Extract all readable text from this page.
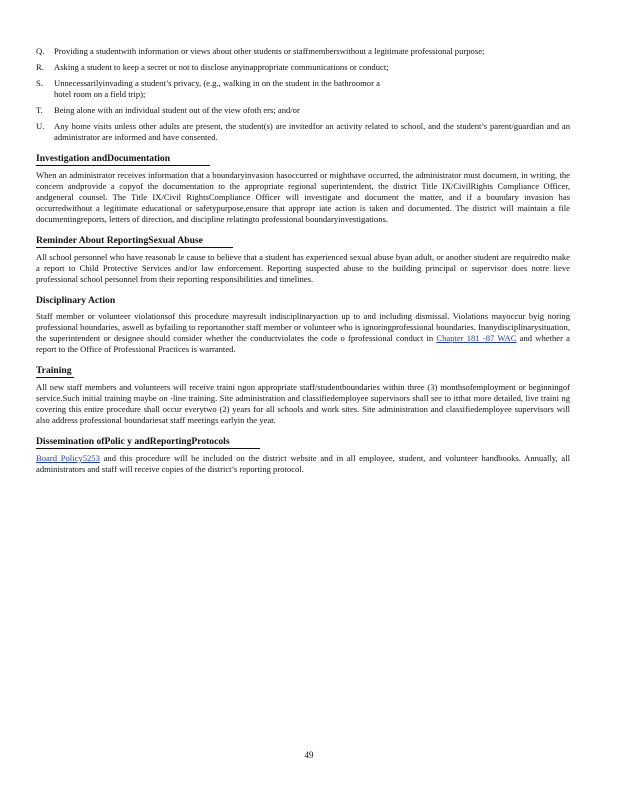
Q.	Providing a studentwith information or views about other students or staffmemberswithout a legitimate professional purpose;
R.	Asking a student to keep a secret or not to disclose anyinappropriate communications or conduct;
S.	Unnecessarilyinvading a student’s privacy, (e.g., walking in on the student in the bathroomor a hotel room on a field trip);
T.	Being alone with an individual student out of the view ofoth ers; and/or
U.	Any home visits unless other adults are present, the student(s) are invitedfor an activity related to school, and the student’s parent/guardian and an administrator are informed and have consented.
Investigation andDocumentation
When an administrator receives information that a boundaryinvasion hasoccurred or mighthave occurred, the administrator must document, in writing, the concern andprovide a copyof the documentation to the appropriate regional superintendent, the district Title IX/CivilRights Compliance Officer, andgeneral counsel. The Title IX/Civil RightsCompliance Officer will investigate and document the matter, and if a boundary invasion has occurredwithout a legitimate educational or safetypurpose,ensure that appropr iate action is taken and documented. The district will maintain a file documentingreports, letters of direction, and discipline relatingto professional boundaryinvestigations.
Reminder About ReportingSexual Abuse
All school personnel who have reasonab le cause to believe that a student has experienced sexual abuse byan adult, or another student are requiredto make a report to Child Protective Services and/or law enforcement. Reporting suspected abuse to the building principal or supervisor does notre lieve professional school personnel from their reporting responsibilities and timelines.
Disciplinary Action
Staff member or volunteer violationsof this procedure mayresult indisciplinaryaction up to and including dismissal. Violations mayoccur byig noring professional boundaries, aswell as byfailing to reportanother staff member or volunteer who is ignoringprofessional boundaries. Inanydisciplinarysituation, the superintendent or designee should consider whether the conductviolates the code o fprofessional conduct in Chapter 181 -87 WAC and whether a report to the Office of Professional Practices is warranted.
Training
All new staff members and volunteers will receive traini ngon appropriate staff/studentboundaries within three (3) monthsofemployment or beginningof service.Such initial training maybe on -line training. Site administration and classifiedemployee supervisors shall see to itthat more detailed, live traini ng covering this entire procedure shall occur everytwo (2) years for all schools and work sites. Site administration and classifiedemployee supervisors will also address professional boundariesat staff meetings earlyin the year.
Dissemination ofPolic y andReportingProtocols
Board Policy5253 and this procedure will be included on the district website and in all employee, student, and volunteer handbooks. Annually, all administrators and staff will receive copies of the district’s reporting protocol.
49
